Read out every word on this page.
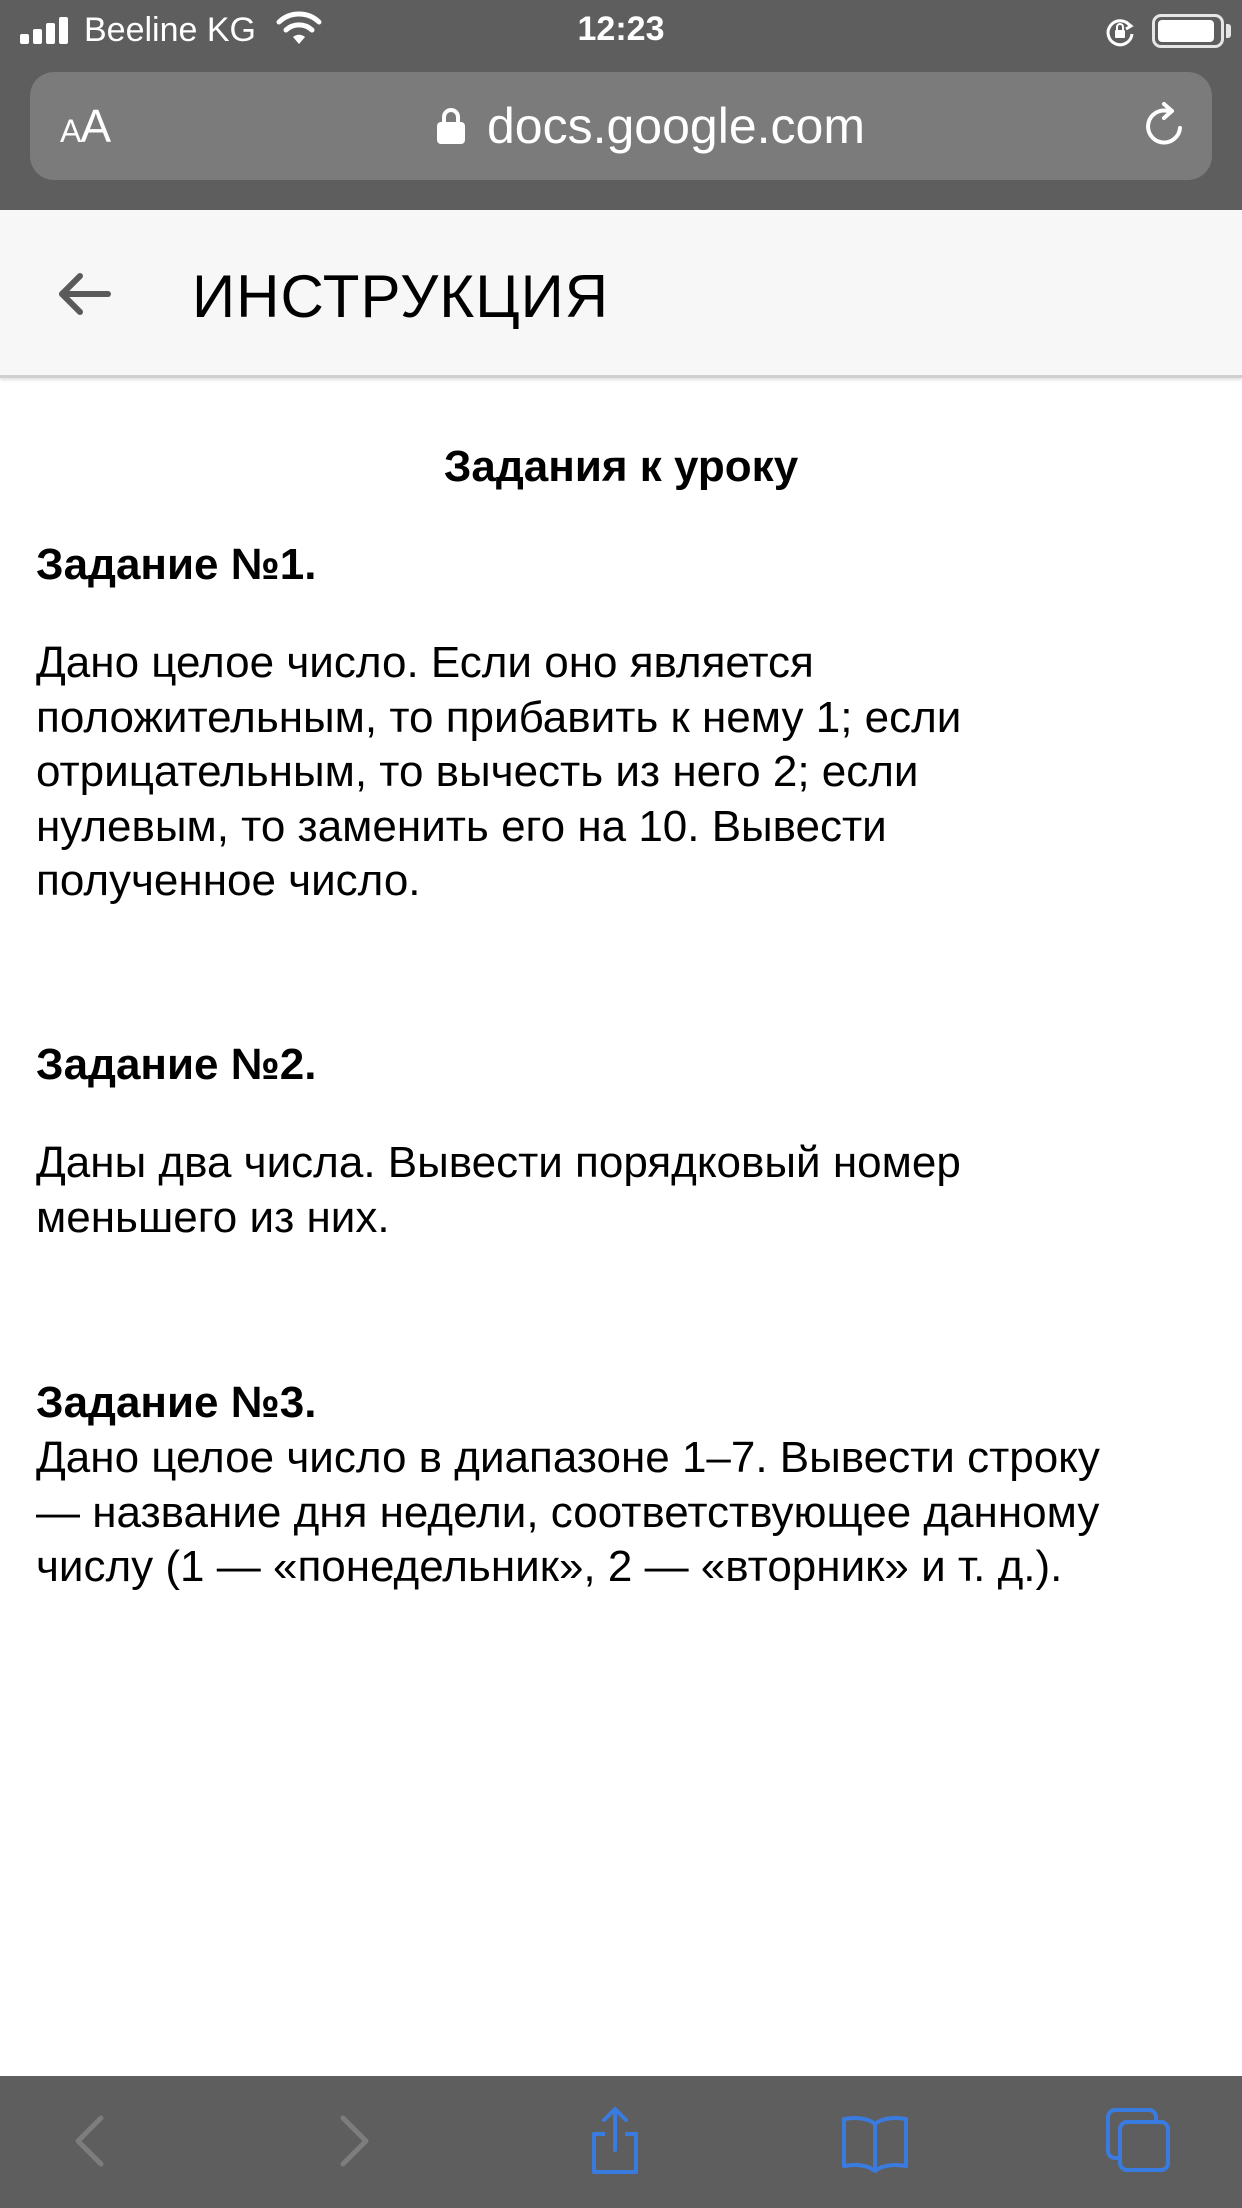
Beeline KG	12:23
AA	docs.google.com
ИНСТРУКЦИЯ
Задания к уроку
Задание №1.
Дано целое число. Если оно является
положительным, то прибавить к нему 1; если
отрицательным, то вычесть из него 2; если
нулевым, то заменить его на 10. Вывести
полученное число.
Задание №2.
Даны два числа. Вывести порядковый номер
меньшего из них.
Задание №3.
Дано целое число в диапазоне 1–7. Вывести строку
— название дня недели, соответствующее данному
числу (1 — «понедельник», 2 — «вторник» и т. д.).
